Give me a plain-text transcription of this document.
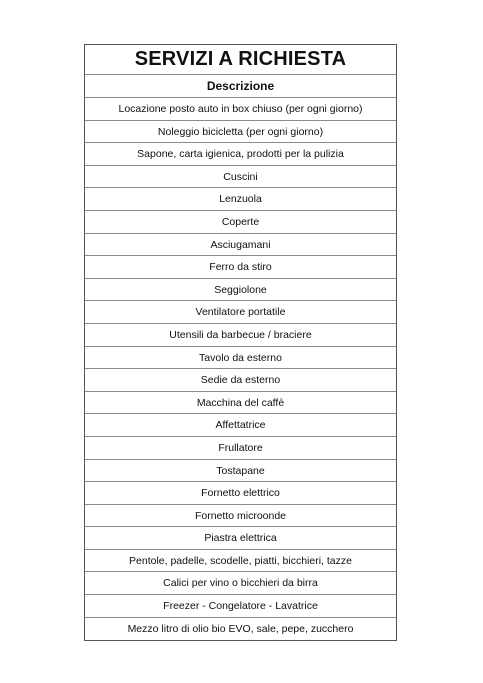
SERVIZI A RICHIESTA
Descrizione
Locazione posto auto in box chiuso (per ogni giorno)
Noleggio bicicletta (per ogni giorno)
Sapone, carta igienica, prodotti per la pulizia
Cuscini
Lenzuola
Coperte
Asciugamani
Ferro da stiro
Seggiolone
Ventilatore portatile
Utensili da barbecue / braciere
Tavolo da esterno
Sedie da esterno
Macchina del caffè
Affettatrice
Frullatore
Tostapane
Fornetto elettrico
Fornetto microonde
Piastra elettrica
Pentole, padelle, scodelle, piatti, bicchieri, tazze
Calici per vino o bicchieri da birra
Freezer - Congelatore - Lavatrice
Mezzo litro di olio bio EVO, sale, pepe, zucchero
